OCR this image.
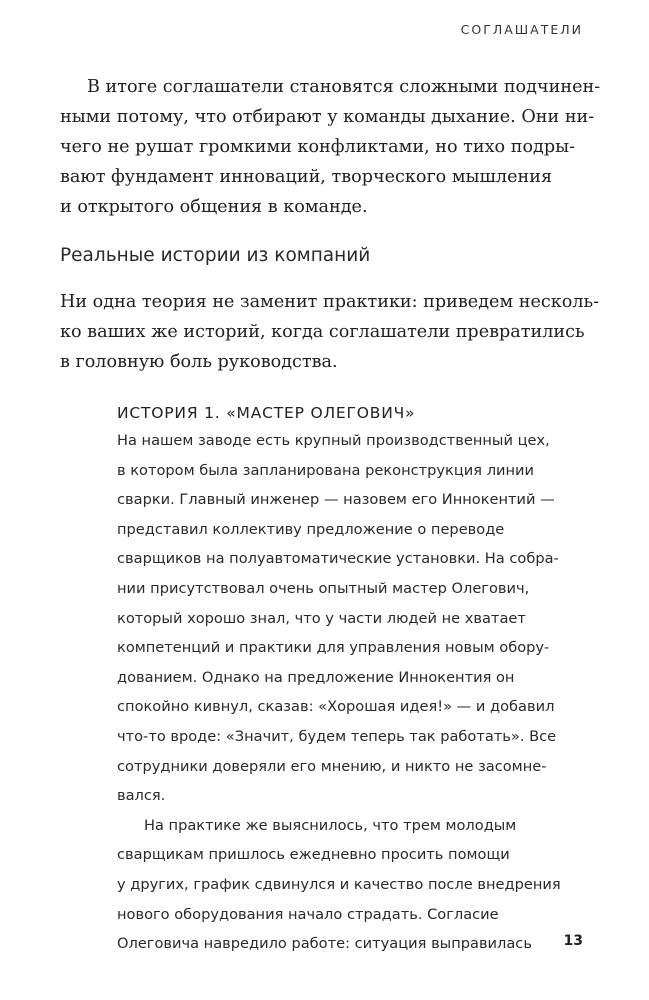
СОГЛАШАТЕЛИ
В итоге соглашатели становятся сложными подчинен-
ными потому, что отбирают у команды дыхание. Они ни-
чего не рушат громкими конфликтами, но тихо подры-
вают фундамент инноваций, творческого мышления
и открытого общения в команде.
Реальные истории из компаний
Ни одна теория не заменит практики: приведем несколь-
ко ваших же историй, когда соглашатели превратились
в головную боль руководства.
ИСТОРИЯ 1. «МАСТЕР ОЛЕГОВИЧ»
На нашем заводе есть крупный производственный цех,
в котором была запланирована реконструкция линии
сварки. Главный инженер — назовем его Иннокентий —
представил коллективу предложение о переводе
сварщиков на полуавтоматические установки. На собра-
нии присутствовал очень опытный мастер Олегович,
который хорошо знал, что у части людей не хватает
компетенций и практики для управления новым обору-
дованием. Однако на предложение Иннокентия он
спокойно кивнул, сказав: «Хорошая идея!» — и добавил
что-то вроде: «Значит, будем теперь так работать». Все
сотрудники доверяли его мнению, и никто не засомне-
вался.
На практике же выяснилось, что трем молодым
сварщикам пришлось ежедневно просить помощи
у других, график сдвинулся и качество после внедрения
нового оборудования начало страдать. Согласие
Олеговича навредило работе: ситуация выправилась	13
